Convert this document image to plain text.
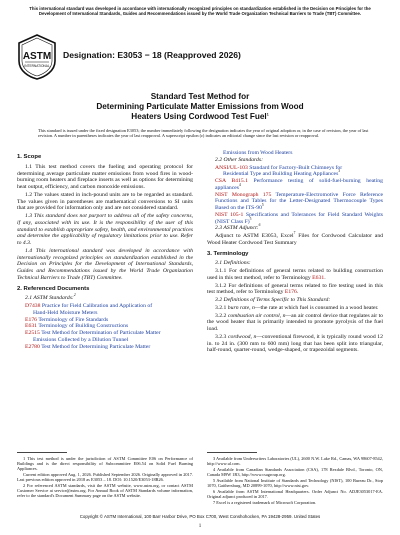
This international standard was developed in accordance with internationally recognized principles on standardization established in the Decision on Principles for the Development of International Standards, Guides and Recommendations issued by the World Trade Organization Technical Barriers to Trade (TBT) Committee.
ASTM
INTERNATIONAL
Designation: E3053 − 18 (Reapproved 2026)
Standard Test Method for
Determining Particulate Matter Emissions from Wood
Heaters Using Cordwood Test Fuel$^1$
This standard is issued under the fixed designation E3053; the number immediately following the designation indicates the year of original adoption or, in the case of revision, the year of last revision. A number in parentheses indicates the year of last reapproval. A superscript epsilon (ε) indicates an editorial change since the last revision or reapproval.
1. Scope

1.1 This test method covers the fueling and operating protocol for determining average particulate matter emissions from wood fires in wood-burning room heaters and fireplace inserts as well as options for determining heat output, efficiency, and carbon monoxide emissions.

1.2 The values stated in inch-pound units are to be regarded as standard. The values given in parentheses are mathematical conversions to SI units that are provided for information only and are not considered standard.

1.3 This standard does not purport to address all of the safety concerns, if any, associated with its use. It is the responsibility of the user of this standard to establish appropriate safety, health, and environmental practices and determine the applicability of regulatory limitations prior to use. Refer to 4.3.

1.4 This international standard was developed in accordance with internationally recognized principles on standardization established in the Decision on Principles for the Development of International Standards, Guides and Recommendations issued by the World Trade Organization Technical Barriers to Trade (TBT) Committee.

2. Referenced Documents

2.1 ASTM Standards:$^2$

D7438 Practice for Field Calibration and Application of
Hand-Held Moisture Meters
E176 Terminology of Fire Standards
E631 Terminology of Building Constructions
E2515 Test Method for Determination of Particulate Matter
Emissions Collected by a Dilution Tunnel
E2780 Test Method for Determining Particulate Matter
Emissions from Wood Heaters

2.2 Other Standards:

ANSI/UL-103 Standard for Factory-Built Chimneys for
Residential Type and Building Heating Appliances$^3$
CSA B415.1 Performance testing of solid-fuel-burning heating appliances$^4$
NIST Monograph 175 Temperature-Electromotive Force Reference Functions and Tables for the Letter-Designated Thermocouple Types Based on the ITS-$90^5$
NIST 105-1 Specifications and Tolerances for Field Standard Weights (NIST Class F)$^5$

2.3 ASTM Adjunct:$^6$

Adjunct to ASTM E3053, Excel$^7$ Files for Cordwood Calculator and Wood Heater Cordwood Test Summary

3. Terminology

3.1 Definitions:

3.1.1 For definitions of general terms related to building construction used in this test method, refer to Terminology E631.

3.1.2 For definitions of general terms related to fire testing used in this test method, refer to Terminology E176.

3.2 Definitions of Terms Specific to This Standard:

3.2.1 burn rate, n—the rate at which fuel is consumed in a wood heater.

3.2.2 combustion air control, n—an air control device that regulates air to the wood heater that is primarily intended to promote pyrolysis of the fuel load.

3.2.3 cordwood, n—conventional firewood, it is typically round wood 12 in. to 24 in. (300 mm to 600 mm) long that has been split into triangular, half-round, quarter-round, wedge-shaped, or trapezoidal segments.

1 This test method is under the jurisdiction of ASTM Committee E06 on Performance of Buildings and is the direct responsibility of Subcommittee E06.54 on Solid Fuel Burning Appliances.

Current edition approved Aug. 1, 2026. Published September 2026. Originally approved in 2017. Last previous edition approved in 2018 as E3053 – 18. DOI: 10.1520/E3053-18R26.

2 For referenced ASTM standards, visit the ASTM website, www.astm.org, or contact ASTM Customer Service at service@astm.org. For Annual Book of ASTM Standards volume information, refer to the standard's Document Summary page on the ASTM website.

3 Available from Underwriters Laboratories (UL), 2600 N.W. Lake Rd., Camas, WA 98607-8542, http://www.ul.com.

4 Available from Canadian Standards Association (CSA), 178 Rexdale Blvd., Toronto, ON, Canada M9W 1R3, http://www.csagroup.org.

5 Available from National Institute of Standards and Technology (NIST), 100 Bureau Dr., Stop 1070, Gaithersburg, MD 20899-1070, http://www.nist.gov.

6 Available from ASTM International Headquarters. Order Adjunct No. ADJE3053017-EA. Original adjunct produced in 2017.

7 Excel is a registered trademark of Microsoft Corporation.

Copyright © ASTM International, 100 Barr Harbor Drive, PO Box C700, West Conshohocken, PA 19428-2959. United States
1
